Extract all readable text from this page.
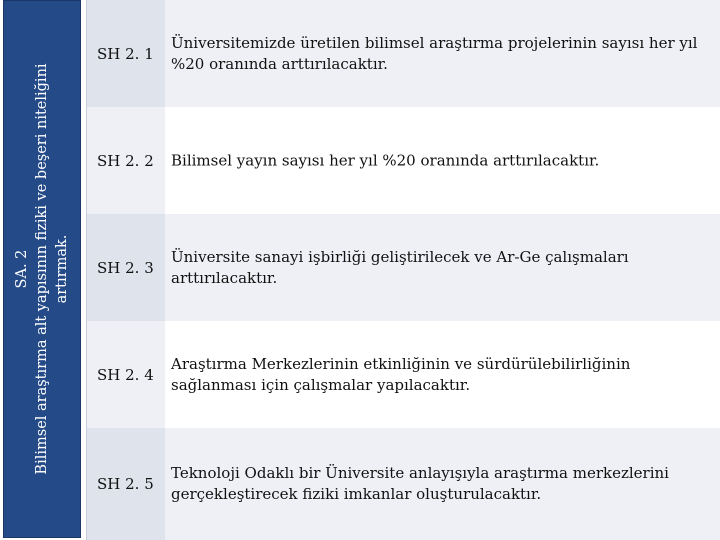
SA. 2 Bilimsel araştırma alt yapısının fiziki ve beşeri niteliğini artırmak.
SH 2. 1
Üniversitemizde üretilen bilimsel araştırma projelerinin sayısı her yıl %20 oranında arttırılacaktır.
SH 2. 2 Bilimsel yayın sayısı her yıl %20 oranında arttırılacaktır.
SH 2. 3
Üniversite sanayi işbirliği geliştirilecek ve Ar-Ge çalışmaları arttırılacaktır.
SH 2. 4
Araştırma Merkezlerinin etkinliğinin ve sürdürülebilirliğinin sağlanması için çalışmalar yapılacaktır.
SH 2. 5
Teknoloji Odaklı bir Üniversite anlayışıyla araştırma merkezlerini gerçekleştirecek fiziki imkanlar oluşturulacaktır.
